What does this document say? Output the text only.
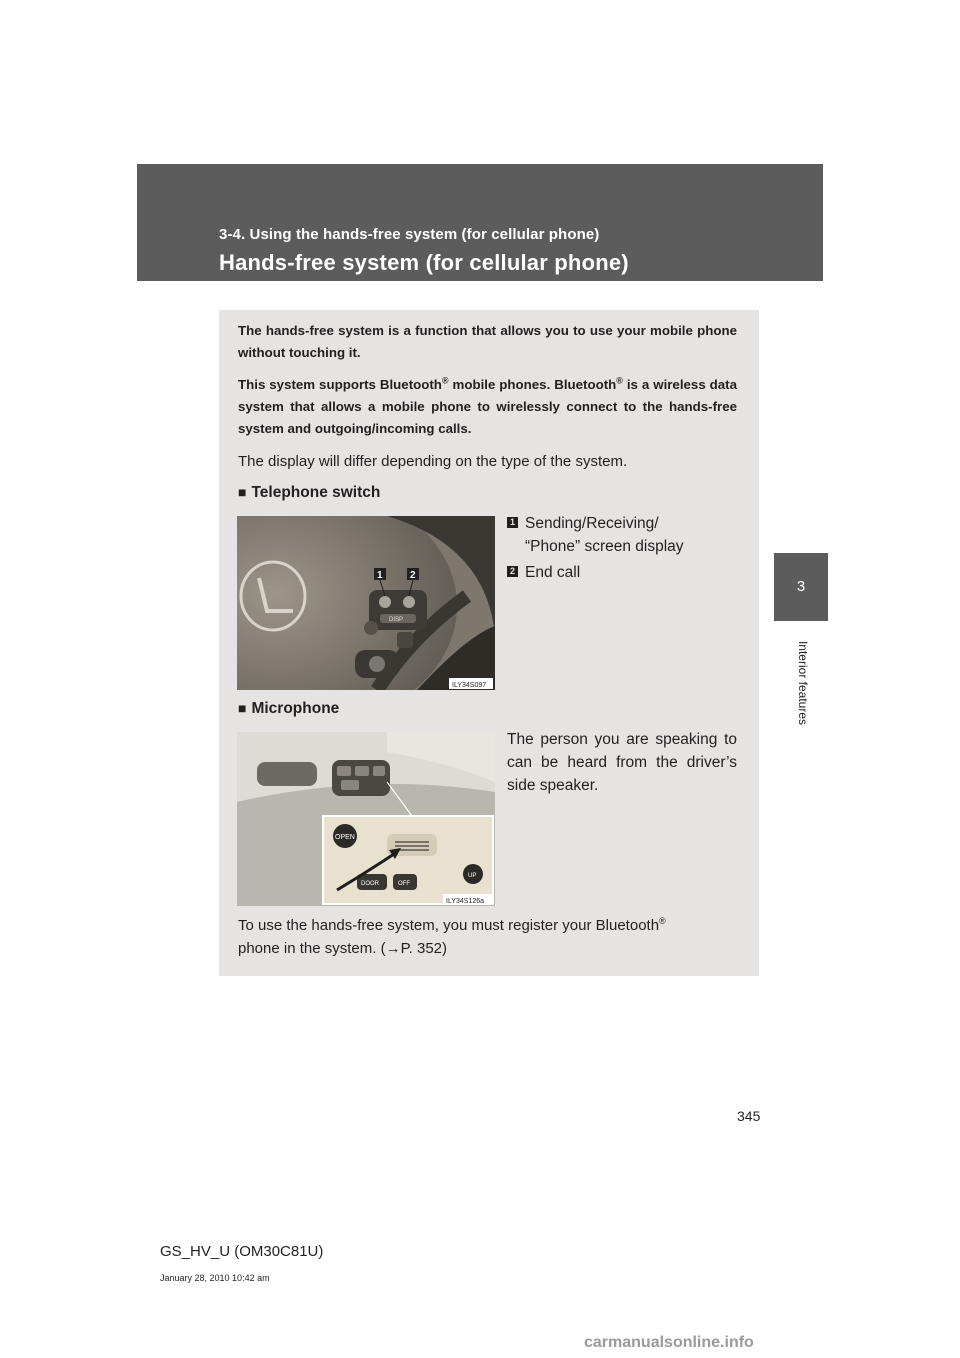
3-4. Using the hands-free system (for cellular phone)
Hands-free system (for cellular phone)
3
Interior features

The hands-free system is a function that allows you to use your mobile phone without touching it.

This system supports Bluetooth® mobile phones. Bluetooth® is a wireless data system that allows a mobile phone to wirelessly connect to the hands-free system and outgoing/incoming calls.

The display will differ depending on the type of the system.

■ Telephone switch
DISP
1	2
ILY34S097
1 Sending/Receiving/
“Phone” screen display
2 End call
■ Microphone
OPEN
DOOR	OFF
UP
ILY34S126a

The person you are speaking to can be heard from the driver’s side speaker.

To use the hands-free system, you must register your Bluetooth®
phone in the system. (→P. 352)

345
GS_HV_U (OM30C81U)
January 28, 2010 10:42 am
carmanualsonline.info
